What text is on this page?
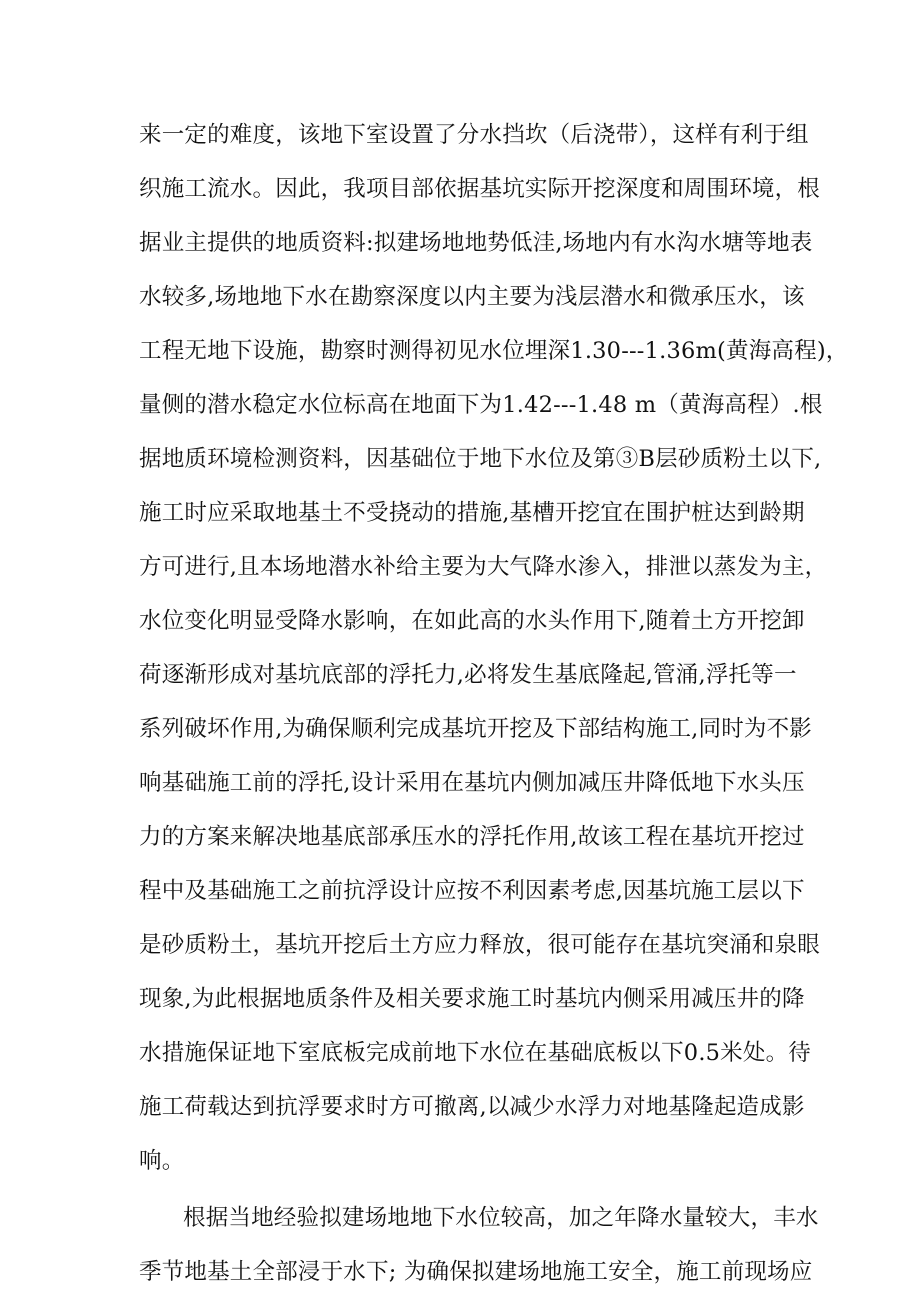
来一定的难度，该地下室设置了分水挡坎（后浇带），这样有利于组
织施工流水。因此，我项目部依据基坑实际开挖深度和周围环境，根
据业主提供的地质资料:拟建场地地势低洼,场地内有水沟水塘等地表
水较多,场地地下水在勘察深度以内主要为浅层潜水和微承压水，该
工程无地下设施，勘察时测得初见水位埋深1.30---1.36m(黄海高程)，
量侧的潜水稳定水位标高在地面下为1.42---1.48 m（黄海高程）.根
据地质环境检测资料，因基础位于地下水位及第③B层砂质粉土以下,
施工时应采取地基土不受挠动的措施,基槽开挖宜在围护桩达到龄期
方可进行,且本场地潜水补给主要为大气降水渗入，排泄以蒸发为主，
水位变化明显受降水影响，在如此高的水头作用下,随着土方开挖卸
荷逐渐形成对基坑底部的浮托力,必将发生基底隆起,管涌,浮托等一
系列破坏作用,为确保顺利完成基坑开挖及下部结构施工,同时为不影
响基础施工前的浮托,设计采用在基坑内侧加减压井降低地下水头压
力的方案来解决地基底部承压水的浮托作用,故该工程在基坑开挖过
程中及基础施工之前抗浮设计应按不利因素考虑,因基坑施工层以下
是砂质粉土，基坑开挖后土方应力释放，很可能存在基坑突涌和泉眼
现象,为此根据地质条件及相关要求施工时基坑内侧采用减压井的降
水措施保证地下室底板完成前地下水位在基础底板以下0.5米处。待
施工荷载达到抗浮要求时方可撤离,以减少水浮力对地基隆起造成影
响。
根据当地经验拟建场地地下水位较高，加之年降水量较大，丰水
季节地基土全部浸于水下; 为确保拟建场地施工安全，施工前现场应
